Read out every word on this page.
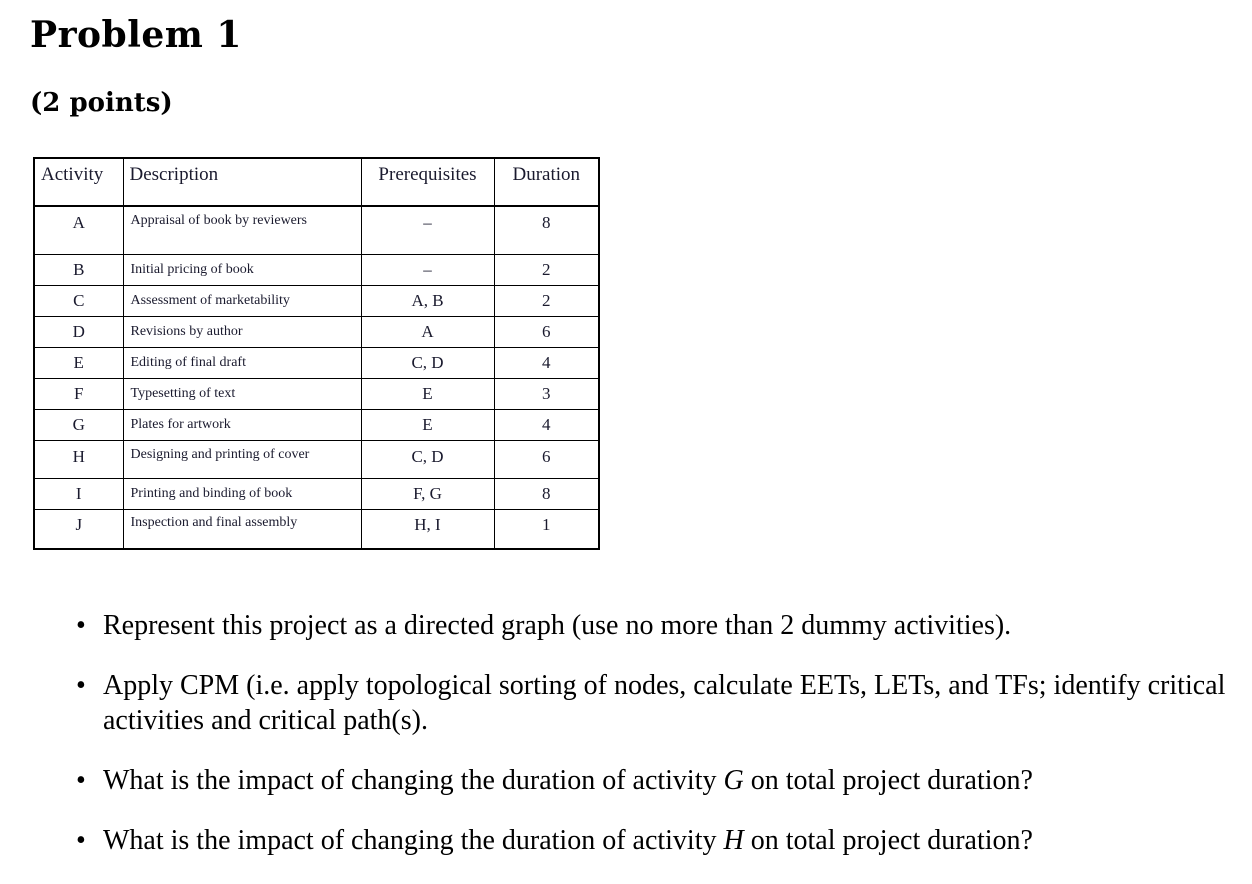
Problem 1
(2 points)
Activity	Description	Prerequisites	Duration
A	Appraisal of book by reviewers	–	8
B	Initial pricing of book	–	2
C	Assessment of marketability	A, B	2
D	Revisions by author	A	6
E	Editing of final draft	C, D	4
F	Typesetting of text	E	3
G	Plates for artwork	E	4
H	Designing and printing of cover	C, D	6
I	Printing and binding of book	F, G	8
J	Inspection and final assembly	H, I	1
• Represent this project as a directed graph (use no more than 2 dummy activities).
• Apply CPM (i.e. apply topological sorting of nodes, calculate EETs, LETs, and TFs; identify critical activities and critical path(s).
• What is the impact of changing the duration of activity G on total project duration?
• What is the impact of changing the duration of activity H on total project duration?
